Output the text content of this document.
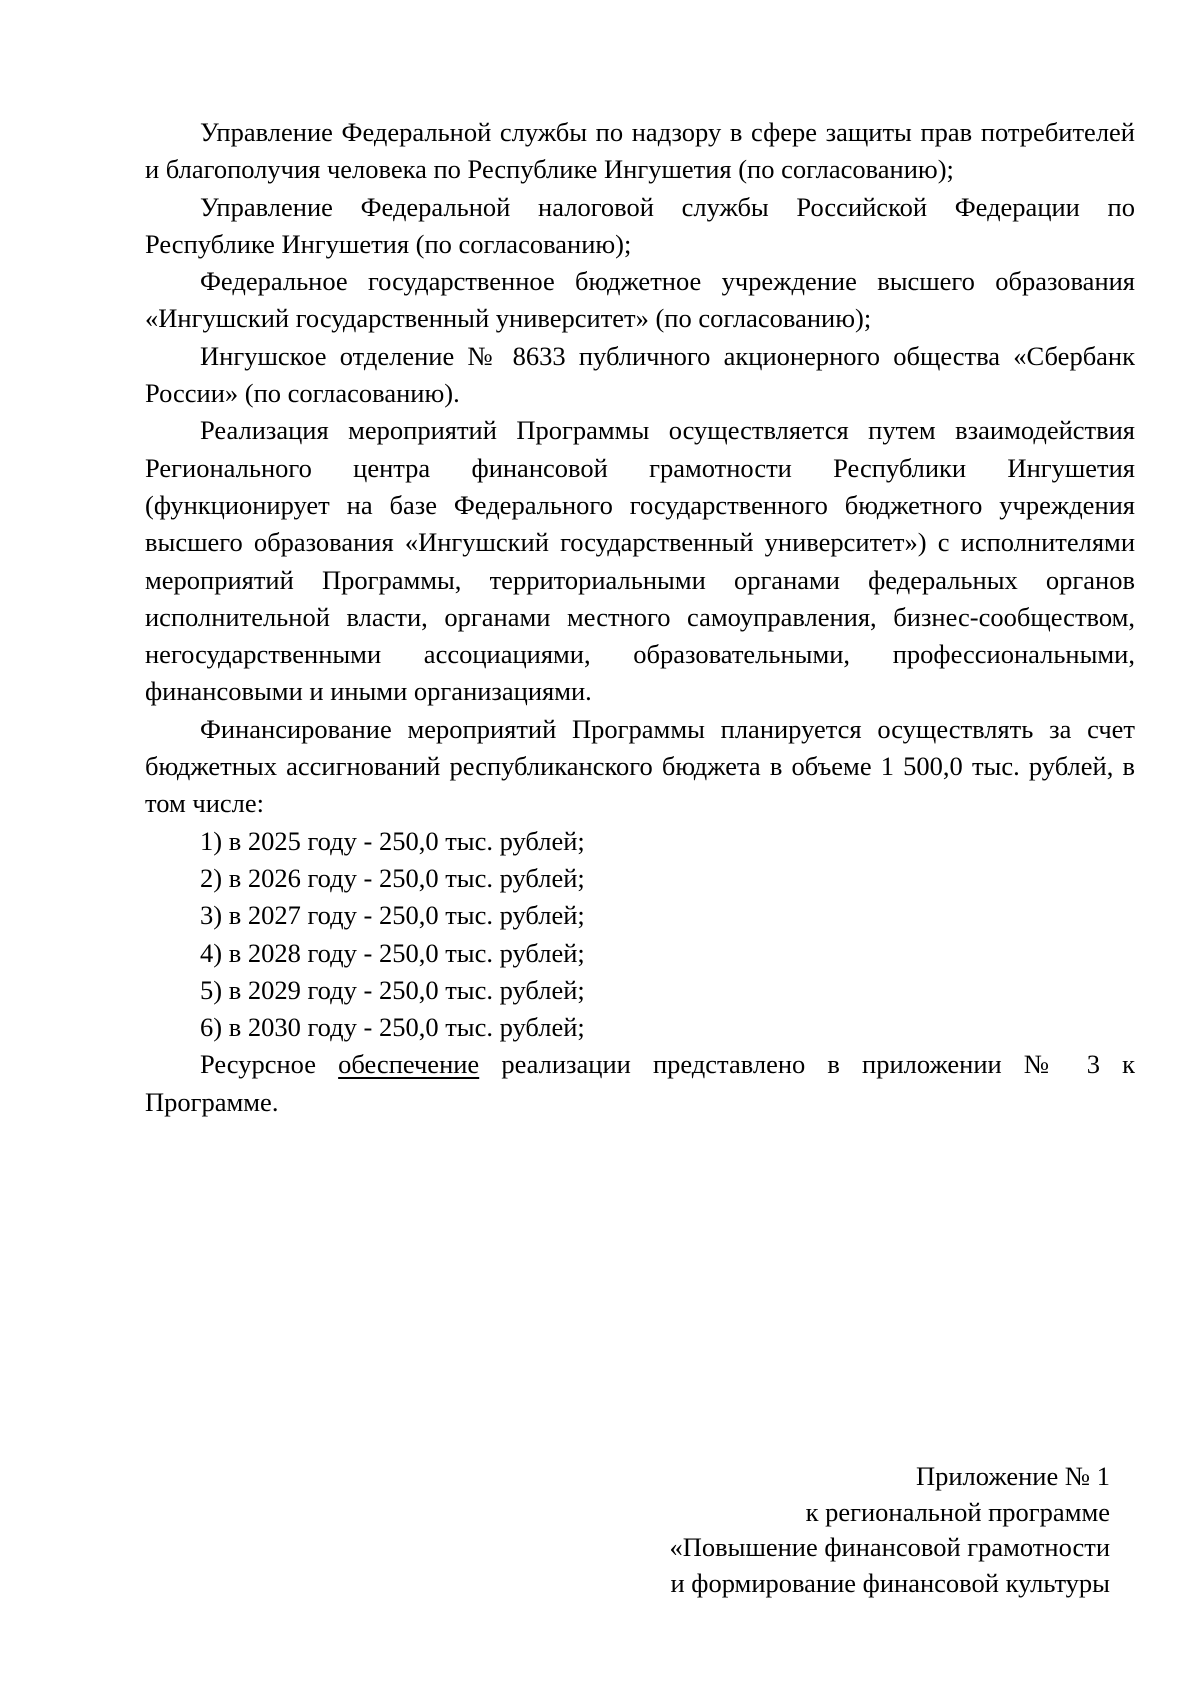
Управление Федеральной службы по надзору в сфере защиты прав потребителей и благополучия человека по Республике Ингушетия (по согласованию);

Управление Федеральной налоговой службы Российской Федерации по Республике Ингушетия (по согласованию);

Федеральное государственное бюджетное учреждение высшего образования «Ингушский государственный университет» (по согласованию);

Ингушское отделение № 8633 публичного акционерного общества «Сбербанк России» (по согласованию).

Реализация мероприятий Программы осуществляется путем взаимодействия Регионального центра финансовой грамотности Республики Ингушетия (функционирует на базе Федерального государственного бюджетного учреждения высшего образования «Ингушский государственный университет») с исполнителями мероприятий Программы, территориальными органами федеральных органов исполнительной власти, органами местного самоуправления, бизнес-сообществом, негосударственными ассоциациями, образовательными, профессиональными, финансовыми и иными организациями.

Финансирование мероприятий Программы планируется осуществлять за счет бюджетных ассигнований республиканского бюджета в объеме 1 500,0 тыс. рублей, в том числе:

1) в 2025 году - 250,0 тыс. рублей;

2) в 2026 году - 250,0 тыс. рублей;

3) в 2027 году - 250,0 тыс. рублей;

4) в 2028 году - 250,0 тыс. рублей;

5) в 2029 году - 250,0 тыс. рублей;

6) в 2030 году - 250,0 тыс. рублей;

Ресурсное обеспечение реализации представлено в приложении № 3 к Программе.

Приложение № 1
к региональной программе
«Повышение финансовой грамотности
и формирование финансовой культуры
